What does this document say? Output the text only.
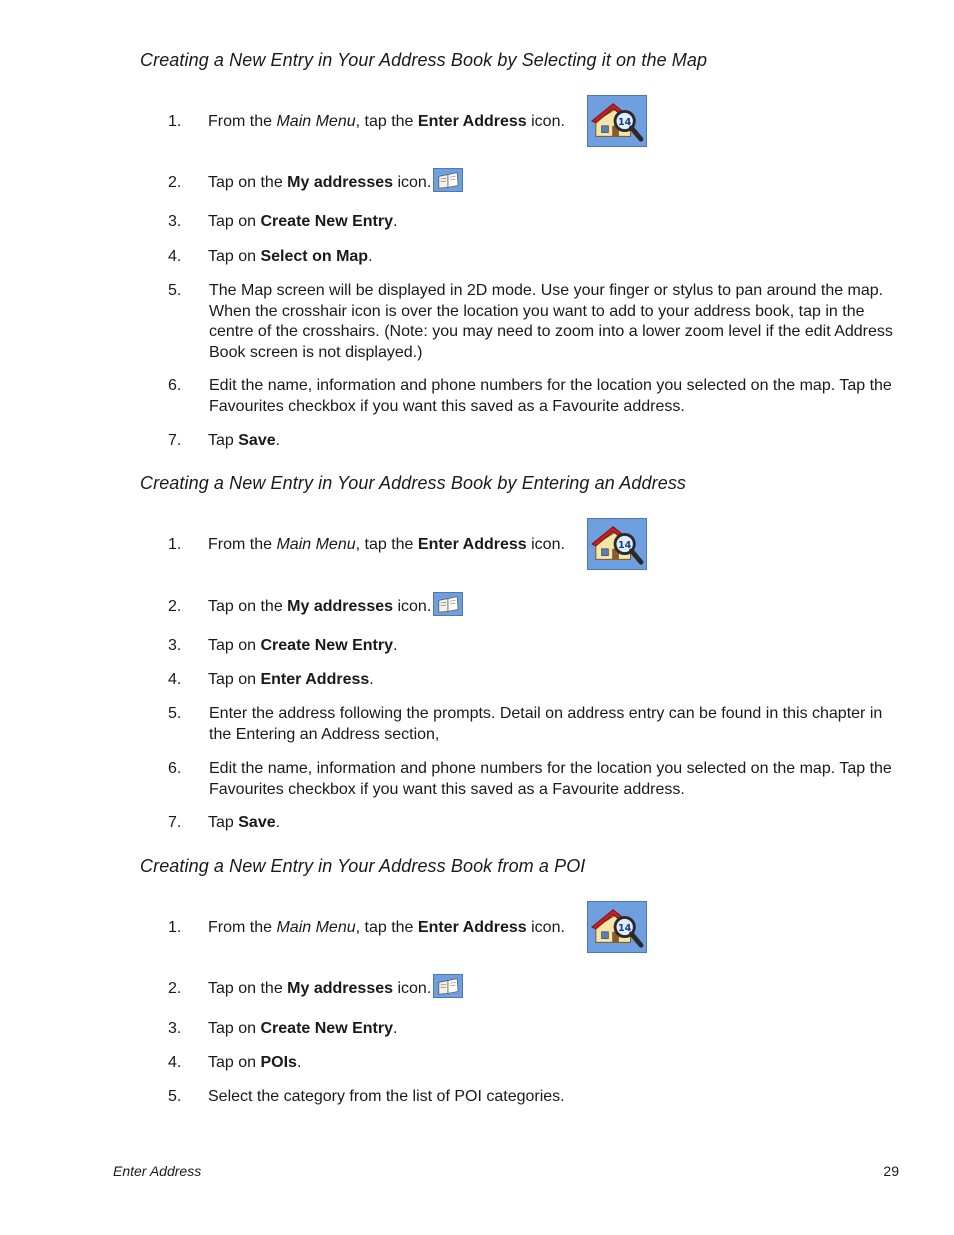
Creating a New Entry in Your Address Book by Selecting it on the Map
1.	From the Main Menu, tap the Enter Address icon.
2.	Tap on the My addresses icon.
3.	Tap on Create New Entry.
4.	Tap on Select on Map.
5.	The Map screen will be displayed in 2D mode. Use your finger or stylus to pan around the map. When the crosshair icon is over the location you want to add to your address book, tap in the centre of the crosshairs. (Note: you may need to zoom into a lower zoom level if the edit Address Book screen is not displayed.)
6.	Edit the name, information and phone numbers for the location you selected on the map. Tap the Favourites checkbox if you want this saved as a Favourite address.
7.	Tap Save.
Creating a New Entry in Your Address Book by Entering an Address
1.	From the Main Menu, tap the Enter Address icon.
2.	Tap on the My addresses icon.
3.	Tap on Create New Entry.
4.	Tap on Enter Address.
5.	Enter the address following the prompts. Detail on address entry can be found in this chapter in the Entering an Address section,
6.	Edit the name, information and phone numbers for the location you selected on the map. Tap the Favourites checkbox if you want this saved as a Favourite address.
7.	Tap Save.
Creating a New Entry in Your Address Book from a POI
1.	From the Main Menu, tap the Enter Address icon.
2.	Tap on the My addresses icon.
3.	Tap on Create New Entry.
4.	Tap on POIs.
5.	Select the category from the list of POI categories.
Enter Address	29
